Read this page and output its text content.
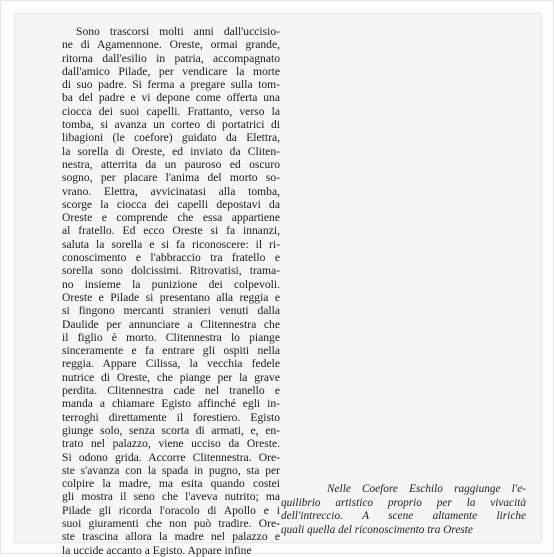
Sono trascorsi molti anni dall'uccisio-
ne di Agamennone. Oreste, ormai grande,
ritorna dall'esilio in patria, accompagnato
dall'amico Pilade, per vendicare la morte
di suo padre. Si ferma a pregare sulla tom-
ba del padre e vi depone come offerta una
ciocca dei suoi capelli. Frattanto, verso la
tomba, si avanza un corteo di portatrici di
libagioni (le coefore) guidato da Elettra,
la sorella di Oreste, ed inviato da Cliten-
nestra, atterrita da un pauroso ed oscuro
sogno, per placare l'anima del morto so-
vrano. Elettra, avvicinatasi alla tomba,
scorge la ciocca dei capelli depostavi da
Oreste e comprende che essa appartiene
al fratello. Ed ecco Oreste si fa innanzi,
saluta la sorella e si fa riconoscere: il ri-
conoscimento e l'abbraccio tra fratello e
sorella sono dolcissimi. Ritrovatisi, trama-
no insieme la punizione dei colpevoli.
Oreste e Pilade si presentano alla reggia e
si fingono mercanti stranieri venuti dalla
Daulide per annunciare a Clitennestra che
il figlio è morto. Clitennestra lo piange
sinceramente e fa entrare gli ospiti nella
reggia. Appare Cilissa, la vecchia fedele
nutrice di Oreste, che piange per la grave
perdita. Clitennestra cade nel tranello e
manda a chiamare Egisto affinché egli in-
terroghi direttamente il forestiero. Egisto
giunge solo, senza scorta di armati, e, en-
trato nel palazzo, viene ucciso da Oreste.
Si odono grida. Accorre Clitennestra. Ore-
ste s'avanza con la spada in pugno, sta per
colpire la madre, ma esita quando costei
gli mostra il seno che l'aveva nutrito; ma
Pilade gli ricorda l'oracolo di Apollo e i
suoi giuramenti che non può tradire. Ore-
ste trascina allora la madre nel palazzo e
la uccide accanto a Egisto. Appare infine
Nelle Coefore Eschilo raggiunge l'e-
quilibrio artistico proprio per la vivacità
dell'intreccio. A scene altamente liriche
quali quella del riconoscimento tra Oreste
